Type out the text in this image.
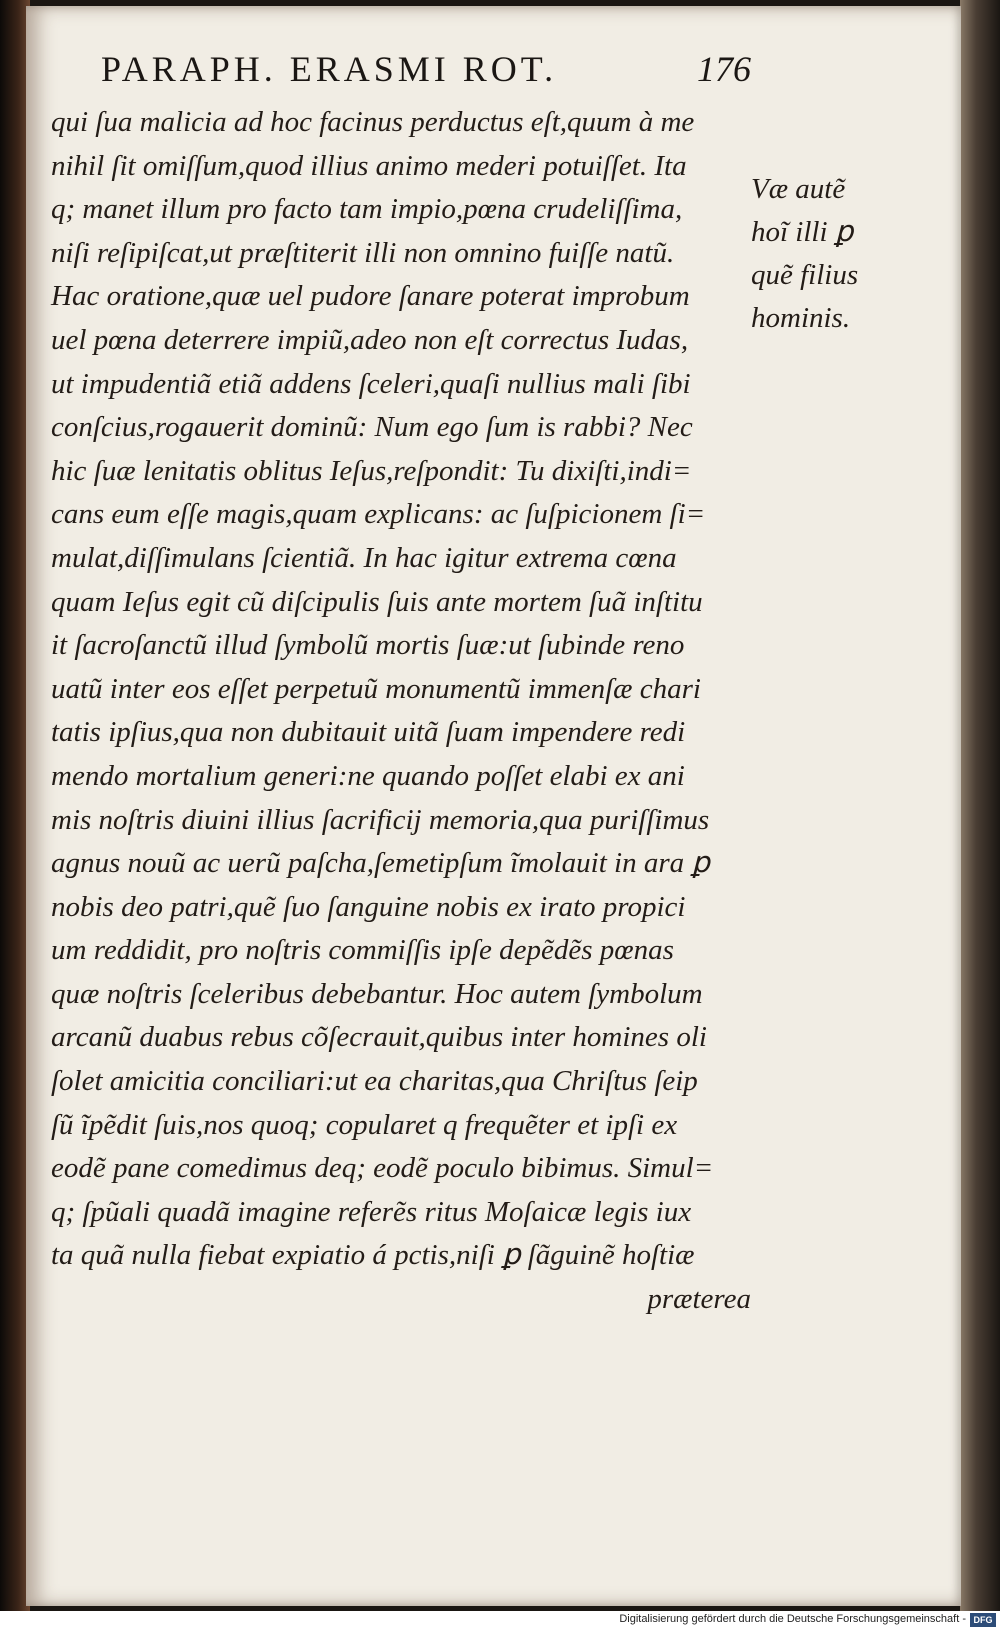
PARAPH. ERASMI ROT.	176
qui ſua malicia ad hoc facinus perductus eſt,quum à me
nihil ſit omiſſum,quod illius animo mederi potuiſſet. Ita
q; manet illum pro facto tam impio,pœna crudeliſſima,
niſi reſipiſcat,ut præſtiterit illi non omnino fuiſſe natũ.
Hac oratione,quæ uel pudore ſanare poterat improbum
uel pœna deterrere impiũ,adeo non eſt correctus Iudas,
ut impudentiã etiã addens ſceleri,quaſi nullius mali ſibi
conſcius,rogauerit dominũ: Num ego ſum is rabbi? Nec
hic ſuæ lenitatis oblitus Ieſus,reſpondit: Tu dixiſti,indi=
cans eum eſſe magis,quam explicans: ac ſuſpicionem ſi=
mulat,diſſimulans ſcientiã. In hac igitur extrema cœna
quam Ieſus egit cũ diſcipulis ſuis ante mortem ſuã inſtitu
it ſacroſanctũ illud ſymbolũ mortis ſuæ:ut ſubinde reno
uatũ inter eos eſſet perpetuũ monumentũ immenſæ chari
tatis ipſius,qua non dubitauit uitã ſuam impendere redi
mendo mortalium generi:ne quando poſſet elabi ex ani
mis noſtris diuini illius ſacrificij memoria,qua puriſſimus
agnus nouũ ac uerũ paſcha,ſemetipſum ĩmolauit in ara ꝑ
nobis deo patri,quẽ ſuo ſanguine nobis ex irato propici
um reddidit, pro noſtris commiſſis ipſe depẽdẽs pœnas
quæ noſtris ſceleribus debebantur. Hoc autem ſymbolum
arcanũ duabus rebus cõſecrauit,quibus inter homines oli
ſolet amicitia conciliari:ut ea charitas,qua Chriſtus ſeip
ſũ ĩpẽdit ſuis,nos quoq; copularet q frequẽter et ipſi ex
eodẽ pane comedimus deq; eodẽ poculo bibimus. Simul=
q; ſpũali quadã imagine referẽs ritus Moſaicæ legis iux
ta quã nulla fiebat expiatio á pctis,niſi ꝑ ſãguinẽ hoſtiæ
præterea
Væ autẽ
hoĩ illi ꝑ
quẽ filius
hominis.
Digitalisierung gefördert durch die Deutsche Forschungsgemeinschaft - DFG
